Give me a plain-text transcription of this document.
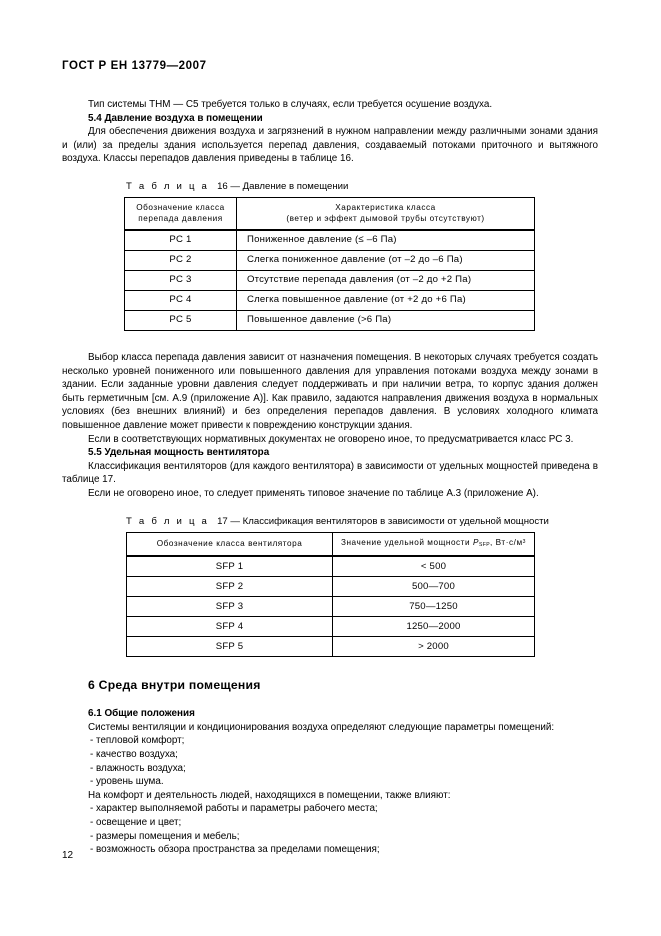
ГОСТ Р ЕН 13779—2007

Тип системы THM — C5 требуется только в случаях, если требуется осушение воздуха.

5.4 Давление воздуха в помещении

Для обеспечения движения воздуха и загрязнений в нужном направлении между различными зонами здания и (или) за пределы здания используется перепад давления, создаваемый потоками приточного и вытяжного воздуха. Классы перепадов давления приведены в таблице 16.

Т а б л и ц а 16 — Давление в помещении
Обозначение класса
перепада давления	Характеристика класса
(ветер и эффект дымовой трубы отсутствуют)
PC 1	Пониженное давление (≤ –6 Па)
PC 2	Слегка пониженное давление (от –2 до –6 Па)
PC 3	Отсутствие перепада давления (от –2 до +2 Па)
PC 4	Слегка повышенное давление (от +2 до +6 Па)
PC 5	Повышенное давление (>6 Па)

Выбор класса перепада давления зависит от назначения помещения. В некоторых случаях требуется создать несколько уровней пониженного или повышенного давления для управления потоками воздуха между зонами в здании. Если заданные уровни давления следует поддерживать и при наличии ветра, то корпус здания должен быть герметичным [см. А.9 (приложение А)]. Как правило, задаются направления движения воздуха в нормальных условиях (без внешних влияний) и без определения перепадов давления. В условиях холодного климата повышенное давление может привести к повреждению конструкции здания.

Если в соответствующих нормативных документах не оговорено иное, то предусматривается класс PC 3.

5.5 Удельная мощность вентилятора

Классификация вентиляторов (для каждого вентилятора) в зависимости от удельных мощностей приведена в таблице 17.

Если не оговорено иное, то следует применять типовое значение по таблице А.3 (приложение А).

Т а б л и ц а 17 — Классификация вентиляторов в зависимости от удельной мощности
Обозначение класса вентилятора	Значение удельной мощности $P_{SFP}$, $Вт\cdot с/м^3$
SFP 1	< 500
SFP 2	500—700
SFP 3	750—1250
SFP 4	1250—2000
SFP 5	> 2000
6 Среда внутри помещения
6.1 Общие положения

Системы вентиляции и кондиционирования воздуха определяют следующие параметры помещений:

- тепловой комфорт;
- качество воздуха;
- влажность воздуха;
- уровень шума.

На комфорт и деятельность людей, находящихся в помещении, также влияют:

- характер выполняемой работы и параметры рабочего места;
- освещение и цвет;
- размеры помещения и мебель;
- возможность обзора пространства за пределами помещения;
12
